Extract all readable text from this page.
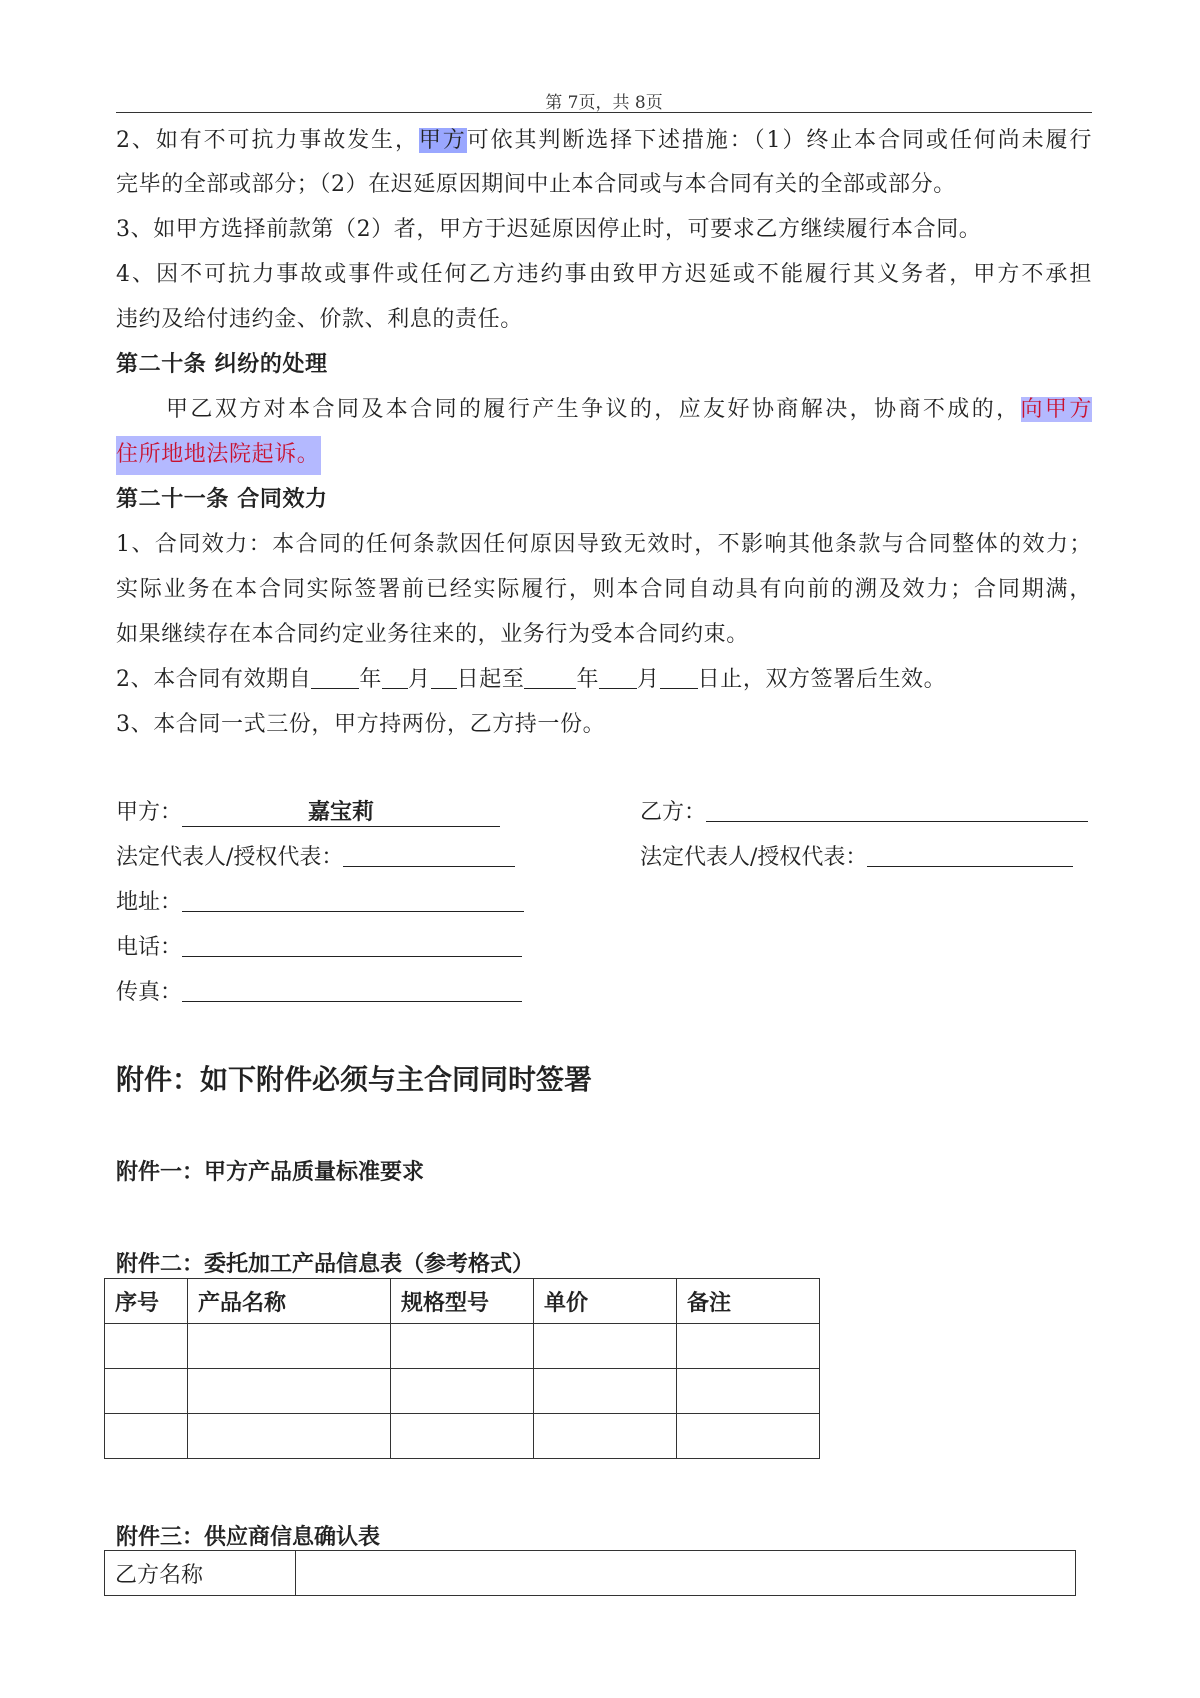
第 7页，共 8页
2、如有不可抗力事故发生，甲方可依其判断选择下述措施：（1）终止本合同或任何尚未履行
完毕的全部或部分；（2）在迟延原因期间中止本合同或与本合同有关的全部或部分。
3、如甲方选择前款第（2）者，甲方于迟延原因停止时，可要求乙方继续履行本合同。
4、因不可抗力事故或事件或任何乙方违约事由致甲方迟延或不能履行其义务者，甲方不承担
违约及给付违约金、价款、利息的责任。
第二十条 纠纷的处理
甲乙双方对本合同及本合同的履行产生争议的，应友好协商解决，协商不成的，向甲方
住所地地法院起诉。
第二十一条 合同效力
1、合同效力：本合同的任何条款因任何原因导致无效时，不影响其他条款与合同整体的效力；
实际业务在本合同实际签署前已经实际履行，则本合同自动具有向前的溯及效力；合同期满，
如果继续存在本合同约定业务往来的，业务行为受本合同约束。
2、本合同有效期自 年 月 日起至 年 月 日止，双方签署后生效。
3、本合同一式三份，甲方持两份，乙方持一份。
甲方：	嘉宝莉	乙方：
法定代表人/授权代表：	法定代表人/授权代表：
地址：
电话：
传真：
附件：如下附件必须与主合同同时签署
附件一：甲方产品质量标准要求
附件二：委托加工产品信息表（参考格式）
序号	产品名称	规格型号	单价	备注

附件三：供应商信息确认表
乙方名称	
